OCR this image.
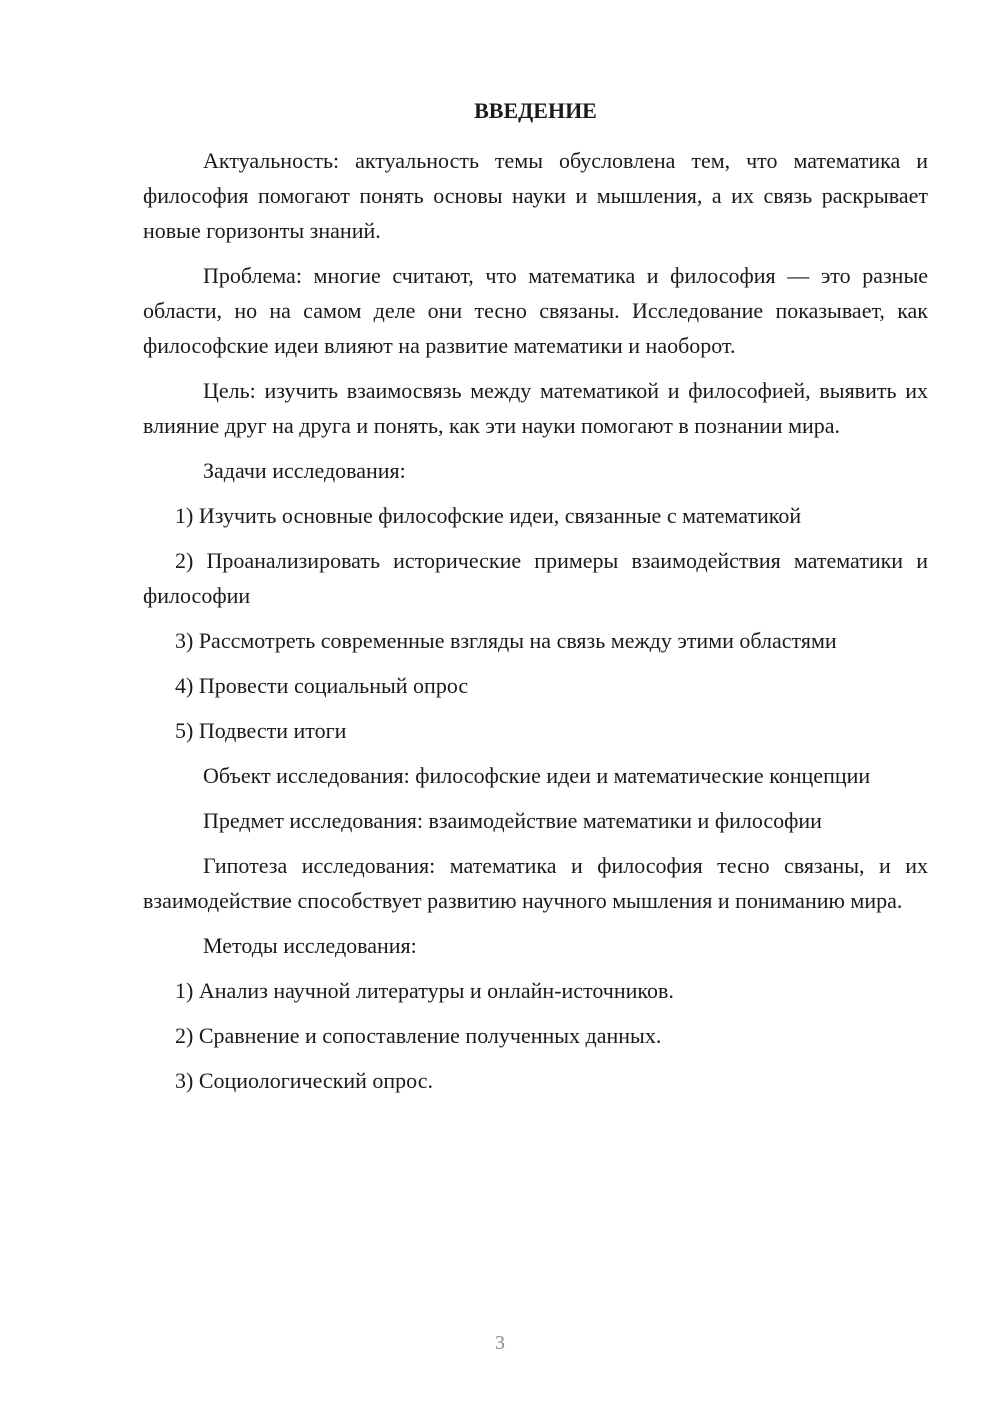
ВВЕДЕНИЕ

Актуальность: актуальность темы обусловлена тем, что математика и философия помогают понять основы науки и мышления, а их связь раскрывает новые горизонты знаний.

Проблема: многие считают, что математика и философия — это разные области, но на самом деле они тесно связаны. Исследование показывает, как философские идеи влияют на развитие математики и наоборот.

Цель: изучить взаимосвязь между математикой и философией, выявить их влияние друг на друга и понять, как эти науки помогают в познании мира.

Задачи исследования:

1) Изучить основные философские идеи, связанные с математикой

2) Проанализировать исторические примеры взаимодействия математики и философии

3) Рассмотреть современные взгляды на связь между этими областями

4) Провести социальный опрос

5) Подвести итоги

Объект исследования: философские идеи и математические концепции

Предмет исследования: взаимодействие математики и философии

Гипотеза исследования: математика и философия тесно связаны, и их взаимодействие способствует развитию научного мышления и пониманию мира.

Методы исследования:

1) Анализ научной литературы и онлайн-источников.

2) Сравнение и сопоставление полученных данных.

3) Социологический опрос.

3
